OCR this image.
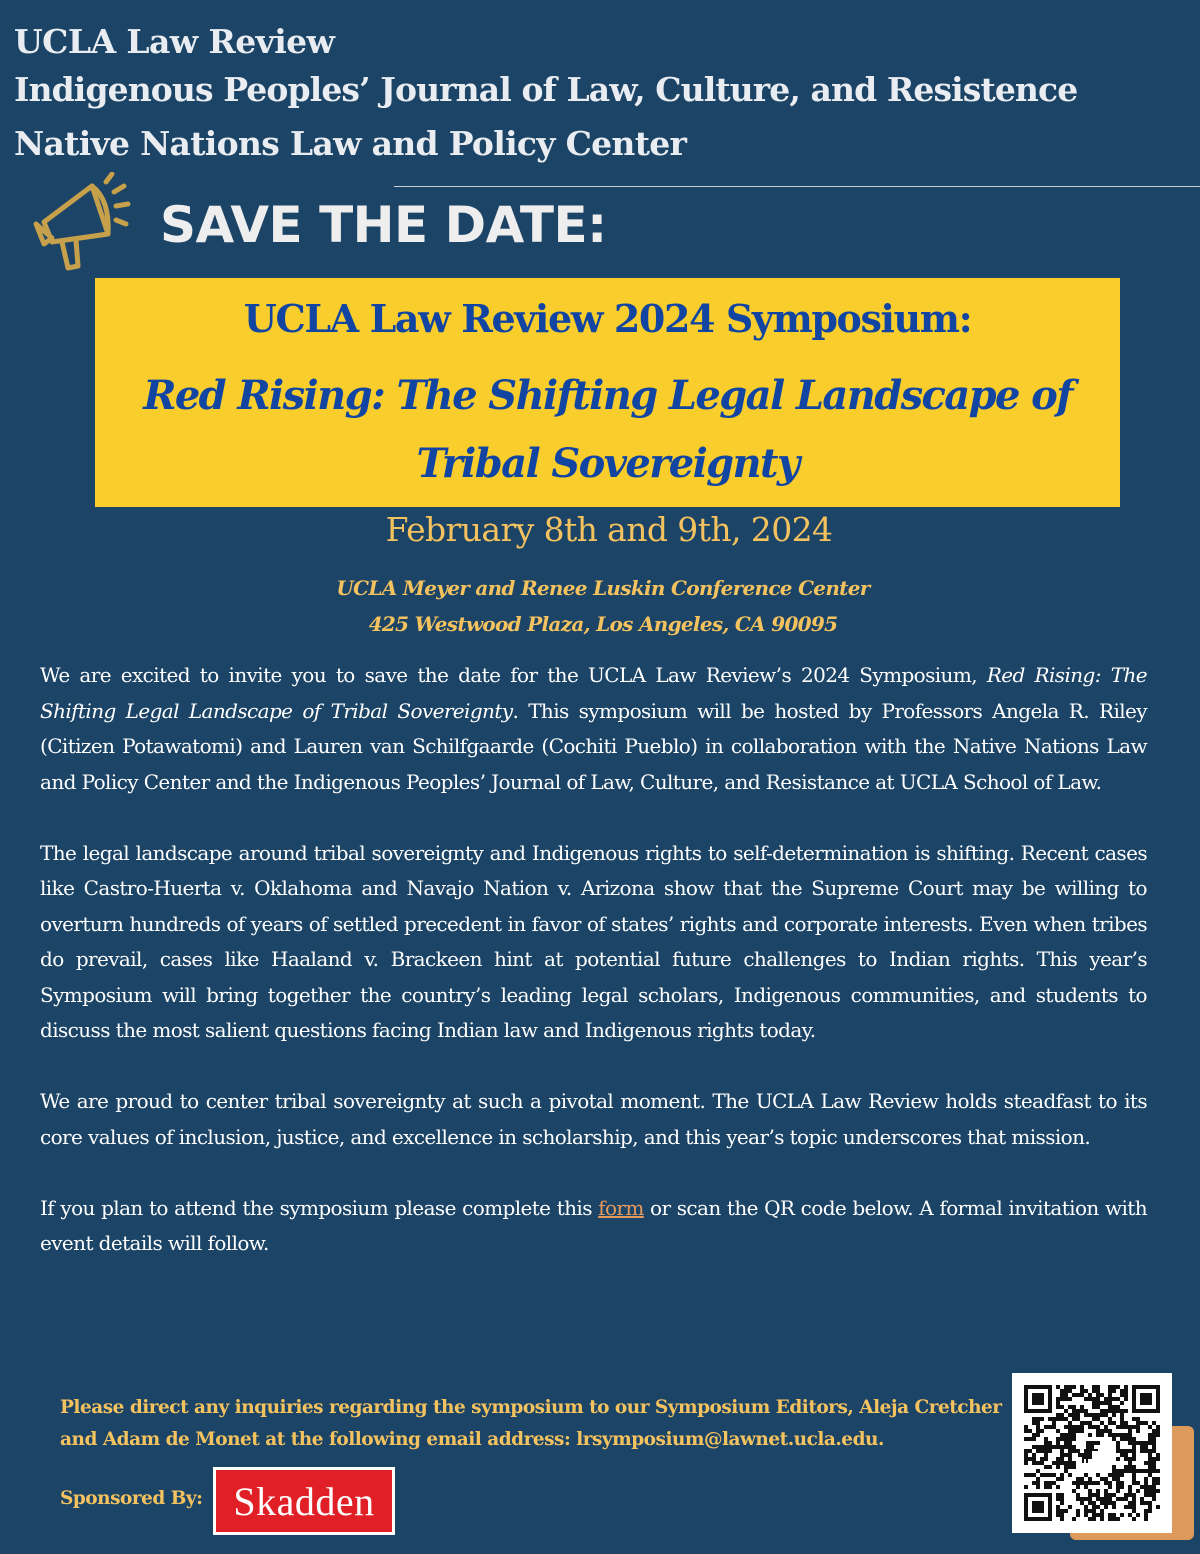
UCLA Law Review
Indigenous Peoples’ Journal of Law, Culture, and Resistence
Native Nations Law and Policy Center
SAVE THE DATE:
UCLA Law Review 2024 Symposium:
Red Rising: The Shifting Legal Landscape of Tribal Sovereignty
February 8th and 9th, 2024
UCLA Meyer and Renee Luskin Conference Center
425 Westwood Plaza, Los Angeles, CA 90095

We are excited to invite you to save the date for the UCLA Law Review’s 2024 Symposium, Red Rising: The Shifting Legal Landscape of Tribal Sovereignty. This symposium will be hosted by Professors Angela R. Riley (Citizen Potawatomi) and Lauren van Schilfgaarde (Cochiti Pueblo) in collaboration with the Native Nations Law and Policy Center and the Indigenous Peoples’ Journal of Law, Culture, and Resistance at UCLA School of Law.

The legal landscape around tribal sovereignty and Indigenous rights to self-determination is shifting. Recent cases like Castro-Huerta v. Oklahoma and Navajo Nation v. Arizona show that the Supreme Court may be willing to overturn hundreds of years of settled precedent in favor of states’ rights and corporate interests. Even when tribes do prevail, cases like Haaland v. Brackeen hint at potential future challenges to Indian rights. This year’s Symposium will bring together the country’s leading legal scholars, Indigenous communities, and students to discuss the most salient questions facing Indian law and Indigenous rights today.

We are proud to center tribal sovereignty at such a pivotal moment. The UCLA Law Review holds steadfast to its core values of inclusion, justice, and excellence in scholarship, and this year’s topic underscores that mission.

If you plan to attend the symposium please complete this form or scan the QR code below. A formal invitation with event details will follow.

Please direct any inquiries regarding the symposium to our Symposium Editors, Aleja Cretcher and Adam de Monet at the following email address: lrsymposium@lawnet.ucla.edu.
Sponsored By: Skadden
